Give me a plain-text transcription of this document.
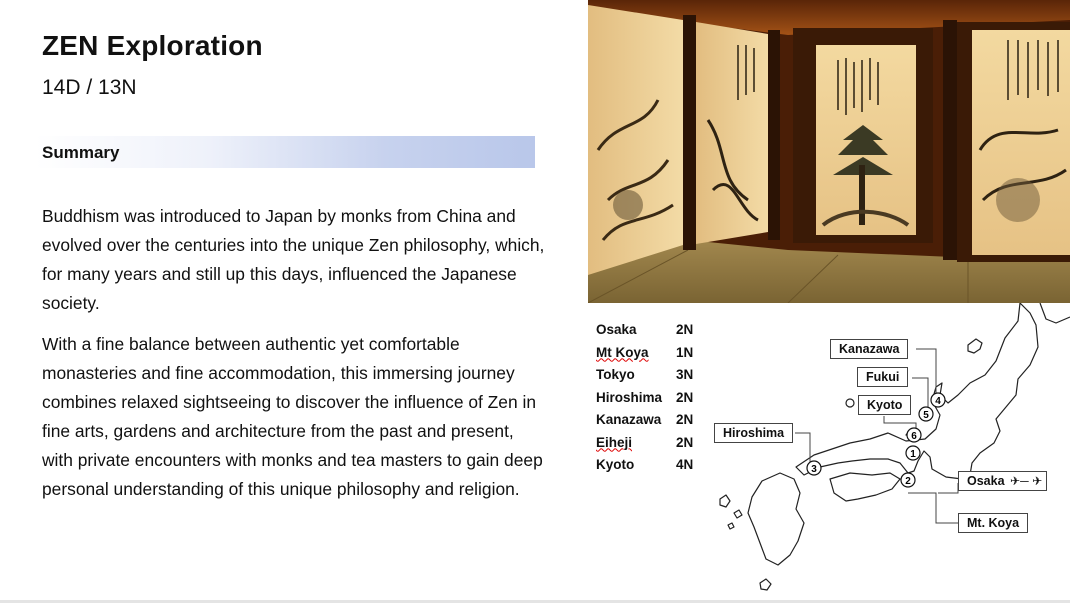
ZEN Exploration
14D / 13N
Summary

Buddhism was introduced to Japan by monks from China and evolved over the centuries into the unique Zen philosophy, which, for many years and still up this days, influenced the Japanese society.

With a fine balance between authentic yet comfortable monasteries and fine accommodation, this immersing journey combines relaxed sightseeing to discover the influence of Zen in fine arts, gardens and architecture from the past and present, with private encounters with monks and tea masters to gain deep personal understanding of this unique philosophy and religion.

Osaka	2N
Mt Koya 1N
Tokyo	3N
Hiroshima 2N
Kanazawa 2N
Eiheji	2N
Kyoto	4N
1
2
3
4
5
6
Kanazawa
Fukui
Kyoto
Hiroshima
Osaka ✈─ ✈
Mt. Koya
